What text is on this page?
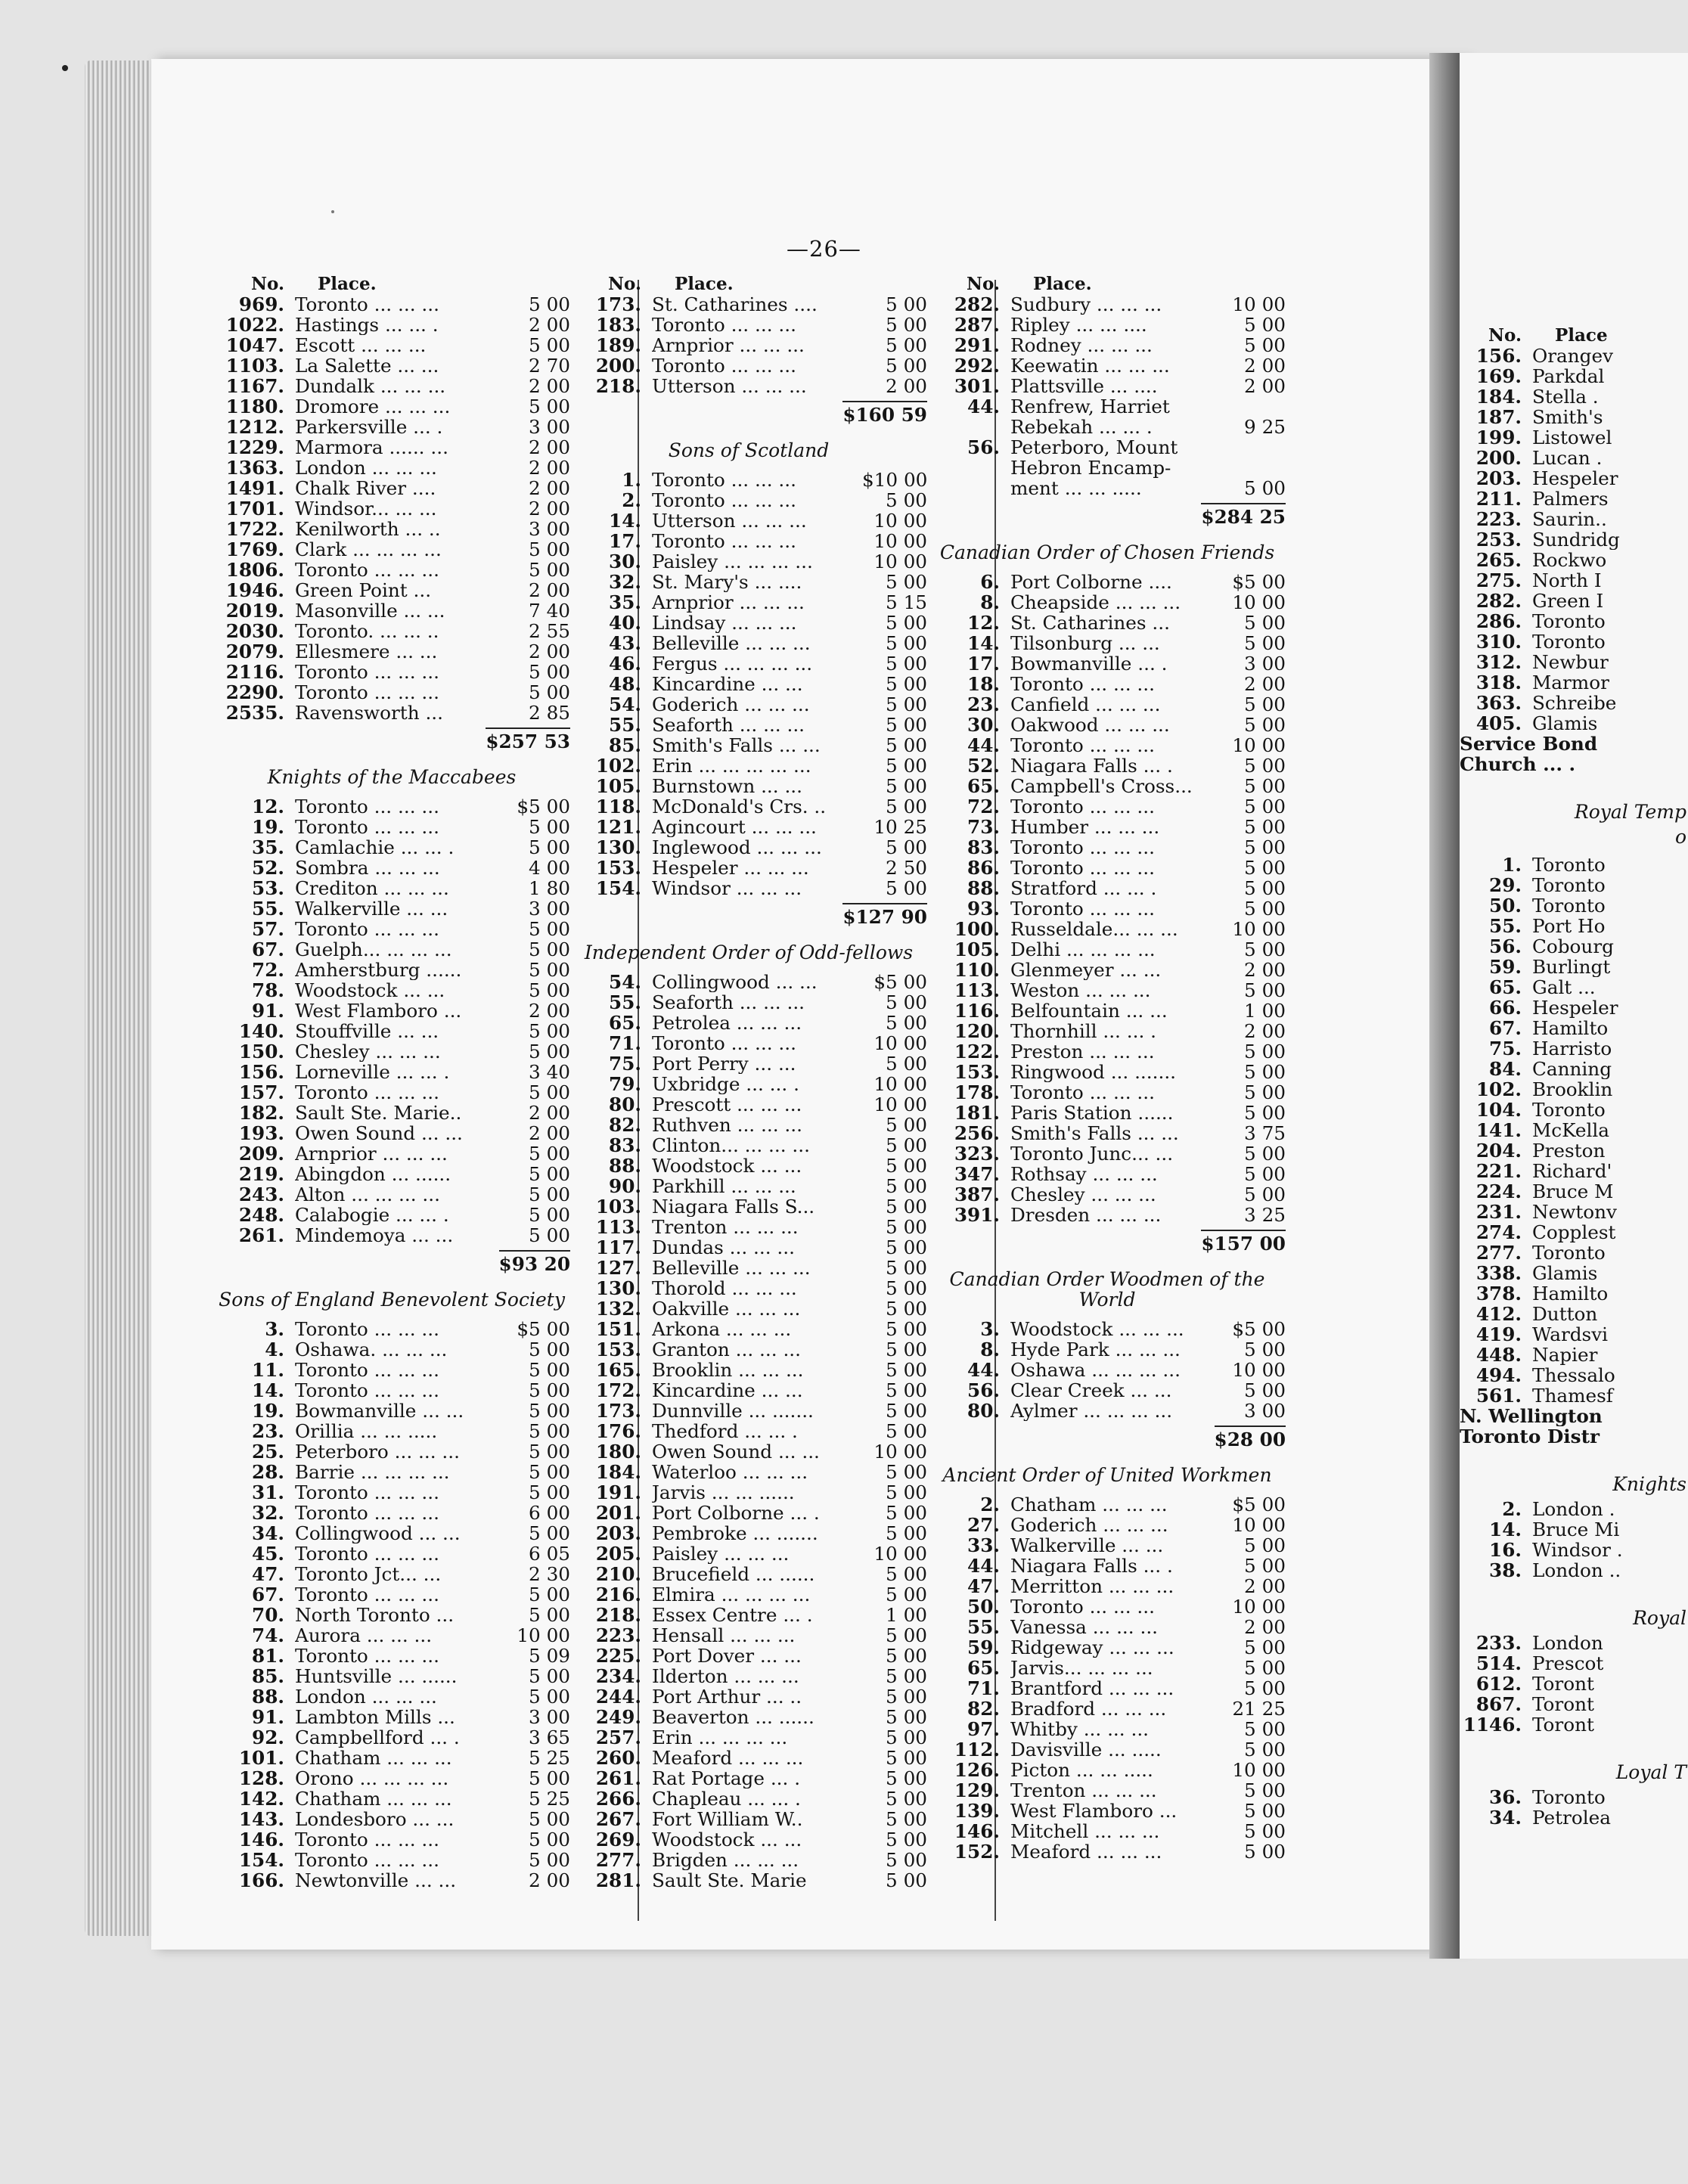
No.	Place
156. Orangev
169. Parkdal
184. Stella .
187. Smith's
199. Listowel
200. Lucan .
203. Hespeler
211. Palmers
223. Saurin..
253. Sundridg
265. Rockwo
275. North I
282. Green I
286. Toronto
310. Toronto
312. Newbur
318. Marmor
363. Schreibe
405. Glamis
Service Bond
Church ... .
Royal Temp
o
1. Toronto
29. Toronto
50. Toronto
55. Port Ho
56. Cobourg
59. Burlingt
65. Galt ...
66. Hespeler
67. Hamilto
75. Harristo
84. Canning
102. Brooklin
104. Toronto
141. McKella
204. Preston
221. Richard'
224. Bruce M
231. Newtonv
274. Copplest
277. Toronto
338. Glamis
378. Hamilto
412. Dutton
419. Wardsvi
448. Napier
494. Thessalo
561. Thamesf
N. Wellington
Toronto Distr
Knights
2. London .
14. Bruce Mi
16. Windsor .
38. London ..
Royal
233. London
514. Prescot
612. Toront
867. Toront
1146. Toront
Loyal T
36. Toronto
34. Petrolea
—26—
No.	Place.
969. Toronto ... ... ...	5 00
1022. Hastings ... ... .	2 00
1047. Escott ... ... ...	5 00
1103. La Salette ... ...	2 70
1167. Dundalk ... ... ...	2 00
1180. Dromore ... ... ...	5 00
1212. Parkersville ... .	3 00
1229. Marmora ...... ...	2 00
1363. London ... ... ...	2 00
1491. Chalk River ....	2 00
1701. Windsor... ... ...	2 00
1722. Kenilworth ... ..	3 00
1769. Clark ... ... ... ...	5 00
1806. Toronto ... ... ...	5 00
1946. Green Point ...	2 00
2019. Masonville ... ...	7 40
2030. Toronto. ... ... ..	2 55
2079. Ellesmere ... ...	2 00
2116. Toronto ... ... ...	5 00
2290. Toronto ... ... ...	5 00
2535. Ravensworth ...	2 85
$257 53
Knights of the Maccabees
12. Toronto ... ... ...	$5 00
19. Toronto ... ... ...	5 00
35. Camlachie ... ... .	5 00
52. Sombra ... ... ...	4 00
53. Crediton ... ... ...	1 80
55. Walkerville ... ...	3 00
57. Toronto ... ... ...	5 00
67. Guelph... ... ... ...	5 00
72. Amherstburg ......	5 00
78. Woodstock ... ...	5 00
91. West Flamboro ...	2 00
140. Stouffville ... ...	5 00
150. Chesley ... ... ...	5 00
156. Lorneville ... ... .	3 40
157. Toronto ... ... ...	5 00
182. Sault Ste. Marie..	2 00
193. Owen Sound ... ...	2 00
209. Arnprior ... ... ...	5 00
219. Abingdon ... ......	5 00
243. Alton ... ... ... ...	5 00
248. Calabogie ... ... .	5 00
261. Mindemoya ... ...	5 00
$93 20
Sons of England Benevolent Society
3. Toronto ... ... ...	$5 00
4. Oshawa. ... ... ...	5 00
11. Toronto ... ... ...	5 00
14. Toronto ... ... ...	5 00
19. Bowmanville ... ...	5 00
23. Orillia ... ... .....	5 00
25. Peterboro ... ... ...	5 00
28. Barrie ... ... ... ...	5 00
31. Toronto ... ... ...	5 00
32. Toronto ... ... ...	6 00
34. Collingwood ... ...	5 00
45. Toronto ... ... ...	6 05
47. Toronto Jct... ...	2 30
67. Toronto ... ... ...	5 00
70. North Toronto ...	5 00
74. Aurora ... ... ...	10 00
81. Toronto ... ... ...	5 09
85. Huntsville ... ......	5 00
88. London ... ... ...	5 00
91. Lambton Mills ...	3 00
92. Campbellford ... .	3 65
101. Chatham ... ... ...	5 25
128. Orono ... ... ... ...	5 00
142. Chatham ... ... ...	5 25
143. Londesboro ... ...	5 00
146. Toronto ... ... ...	5 00
154. Toronto ... ... ...	5 00
166. Newtonville ... ...	2 00
No.	Place.
173. St. Catharines ....	5 00
183. Toronto ... ... ...	5 00
189. Arnprior ... ... ...	5 00
200. Toronto ... ... ...	5 00
218. Utterson ... ... ...	2 00
$160 59
Sons of Scotland
1. Toronto ... ... ...	$10 00
2. Toronto ... ... ...	5 00
14. Utterson ... ... ...	10 00
17. Toronto ... ... ...	10 00
30. Paisley ... ... ... ...	10 00
32. St. Mary's ... ....	5 00
35. Arnprior ... ... ...	5 15
40. Lindsay ... ... ...	5 00
43. Belleville ... ... ...	5 00
46. Fergus ... ... ... ...	5 00
48. Kincardine ... ...	5 00
54. Goderich ... ... ...	5 00
55. Seaforth ... ... ...	5 00
85. Smith's Falls ... ...	5 00
102. Erin ... ... ... ... ...	5 00
105. Burnstown ... ...	5 00
118. McDonald's Crs. ..	5 00
121. Agincourt ... ... ...	10 25
130. Inglewood ... ... ...	5 00
153. Hespeler ... ... ...	2 50
154. Windsor ... ... ...	5 00
$127 90
Independent Order of Odd-fellows
54. Collingwood ... ...	$5 00
55. Seaforth ... ... ...	5 00
65. Petrolea ... ... ...	5 00
71. Toronto ... ... ...	10 00
75. Port Perry ... ...	5 00
79. Uxbridge ... ... .	10 00
80. Prescott ... ... ...	10 00
82. Ruthven ... ... ...	5 00
83. Clinton... ... ... ...	5 00
88. Woodstock ... ...	5 00
90. Parkhill ... ... ...	5 00
103. Niagara Falls S...	5 00
113. Trenton ... ... ...	5 00
117. Dundas ... ... ...	5 00
127. Belleville ... ... ...	5 00
130. Thorold ... ... ...	5 00
132. Oakville ... ... ...	5 00
151. Arkona ... ... ...	5 00
153. Granton ... ... ...	5 00
165. Brooklin ... ... ...	5 00
172. Kincardine ... ...	5 00
173. Dunnville ... .......	5 00
176. Thedford ... ... .	5 00
180. Owen Sound ... ...	10 00
184. Waterloo ... ... ...	5 00
191. Jarvis ... ... ......	5 00
201. Port Colborne ... .	5 00
203. Pembroke ... .......	5 00
205. Paisley ... ... ...	10 00
210. Brucefield ... ......	5 00
216. Elmira ... ... ... ...	5 00
218. Essex Centre ... .	1 00
223. Hensall ... ... ...	5 00
225. Port Dover ... ...	5 00
234. Ilderton ... ... ...	5 00
244. Port Arthur ... ..	5 00
249. Beaverton ... ......	5 00
257. Erin ... ... ... ...	5 00
260. Meaford ... ... ...	5 00
261. Rat Portage ... .	5 00
266. Chapleau ... ... .	5 00
267. Fort William W..	5 00
269. Woodstock ... ...	5 00
277. Brigden ... ... ...	5 00
281. Sault Ste. Marie	5 00
No.	Place.
282. Sudbury ... ... ...	10 00
287. Ripley ... ... ....	5 00
291. Rodney ... ... ...	5 00
292. Keewatin ... ... ...	2 00
301. Plattsville ... ....	2 00
44. Renfrew, Harriet
Rebekah ... ... .	9 25
56. Peterboro, Mount
Hebron Encamp-
ment ... ... .....	5 00
$284 25
Canadian Order of Chosen Friends
6. Port Colborne ....	$5 00
8. Cheapside ... ... ...	10 00
12. St. Catharines ...	5 00
14. Tilsonburg ... ...	5 00
17. Bowmanville ... .	3 00
18. Toronto ... ... ...	2 00
23. Canfield ... ... ...	5 00
30. Oakwood ... ... ...	5 00
44. Toronto ... ... ...	10 00
52. Niagara Falls ... .	5 00
65. Campbell's Cross...	5 00
72. Toronto ... ... ...	5 00
73. Humber ... ... ...	5 00
83. Toronto ... ... ...	5 00
86. Toronto ... ... ...	5 00
88. Stratford ... ... .	5 00
93. Toronto ... ... ...	5 00
100. Russeldale... ... ...	10 00
105. Delhi ... ... ... ...	5 00
110. Glenmeyer ... ...	2 00
113. Weston ... ... ...	5 00
116. Belfountain ... ...	1 00
120. Thornhill ... ... .	2 00
122. Preston ... ... ...	5 00
153. Ringwood ... .......	5 00
178. Toronto ... ... ...	5 00
181. Paris Station ......	5 00
256. Smith's Falls ... ...	3 75
323. Toronto Junc... ...	5 00
347. Rothsay ... ... ...	5 00
387. Chesley ... ... ...	5 00
391. Dresden ... ... ...	3 25
$157 00
Canadian Order Woodmen of the World
3. Woodstock ... ... ...	$5 00
8. Hyde Park ... ... ...	5 00
44. Oshawa ... ... ... ...	10 00
56. Clear Creek ... ...	5 00
80. Aylmer ... ... ... ...	3 00
$28 00
Ancient Order of United Workmen
2. Chatham ... ... ...	$5 00
27. Goderich ... ... ...	10 00
33. Walkerville ... ...	5 00
44. Niagara Falls ... .	5 00
47. Merritton ... ... ...	2 00
50. Toronto ... ... ...	10 00
55. Vanessa ... ... ...	2 00
59. Ridgeway ... ... ...	5 00
65. Jarvis... ... ... ...	5 00
71. Brantford ... ... ...	5 00
82. Bradford ... ... ...	21 25
97. Whitby ... ... ...	5 00
112. Davisville ... .....	5 00
126. Picton ... ... .....	10 00
129. Trenton ... ... ...	5 00
139. West Flamboro ...	5 00
146. Mitchell ... ... ...	5 00
152. Meaford ... ... ...	5 00
